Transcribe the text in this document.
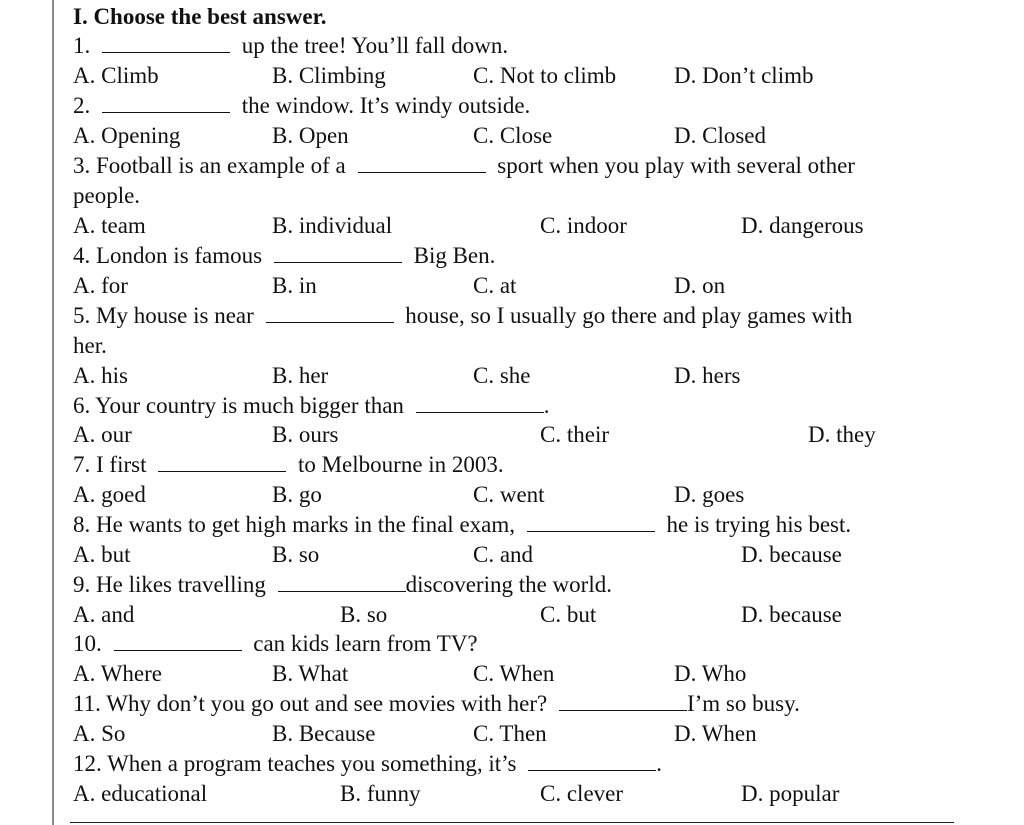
I. Choose the best answer.
1.	up the tree! You’ll fall down.
A. Climb	B. Climbing	C. Not to climb	D. Don’t climb
2.	the window. It’s windy outside.
A. Opening	B. Open	C. Close	D. Closed
3. Football is an example of a	sport when you play with several other
people.
A. team	B. individual	C. indoor	D. dangerous
4. London is famous	Big Ben.
A. for	B. in	C. at	D. on
5. My house is near	house, so I usually go there and play games with
her.
A. his	B. her	C. she	D. hers
6. Your country is much bigger than	.
A. our	B. ours	C. their	D. they
7. I first	to Melbourne in 2003.
A. goed	B. go	C. went	D. goes
8. He wants to get high marks in the final exam,	he is trying his best.
A. but	B. so	C. and	D. because
9. He likes travelling	discovering the world.
A. and	B. so	C. but	D. because
10.	can kids learn from TV?
A. Where	B. What	C. When	D. Who
11. Why don’t you go out and see movies with her?	I’m so busy.
A. So	B. Because	C. Then	D. When
12. When a program teaches you something, it’s	.
A. educational	B. funny	C. clever	D. popular
